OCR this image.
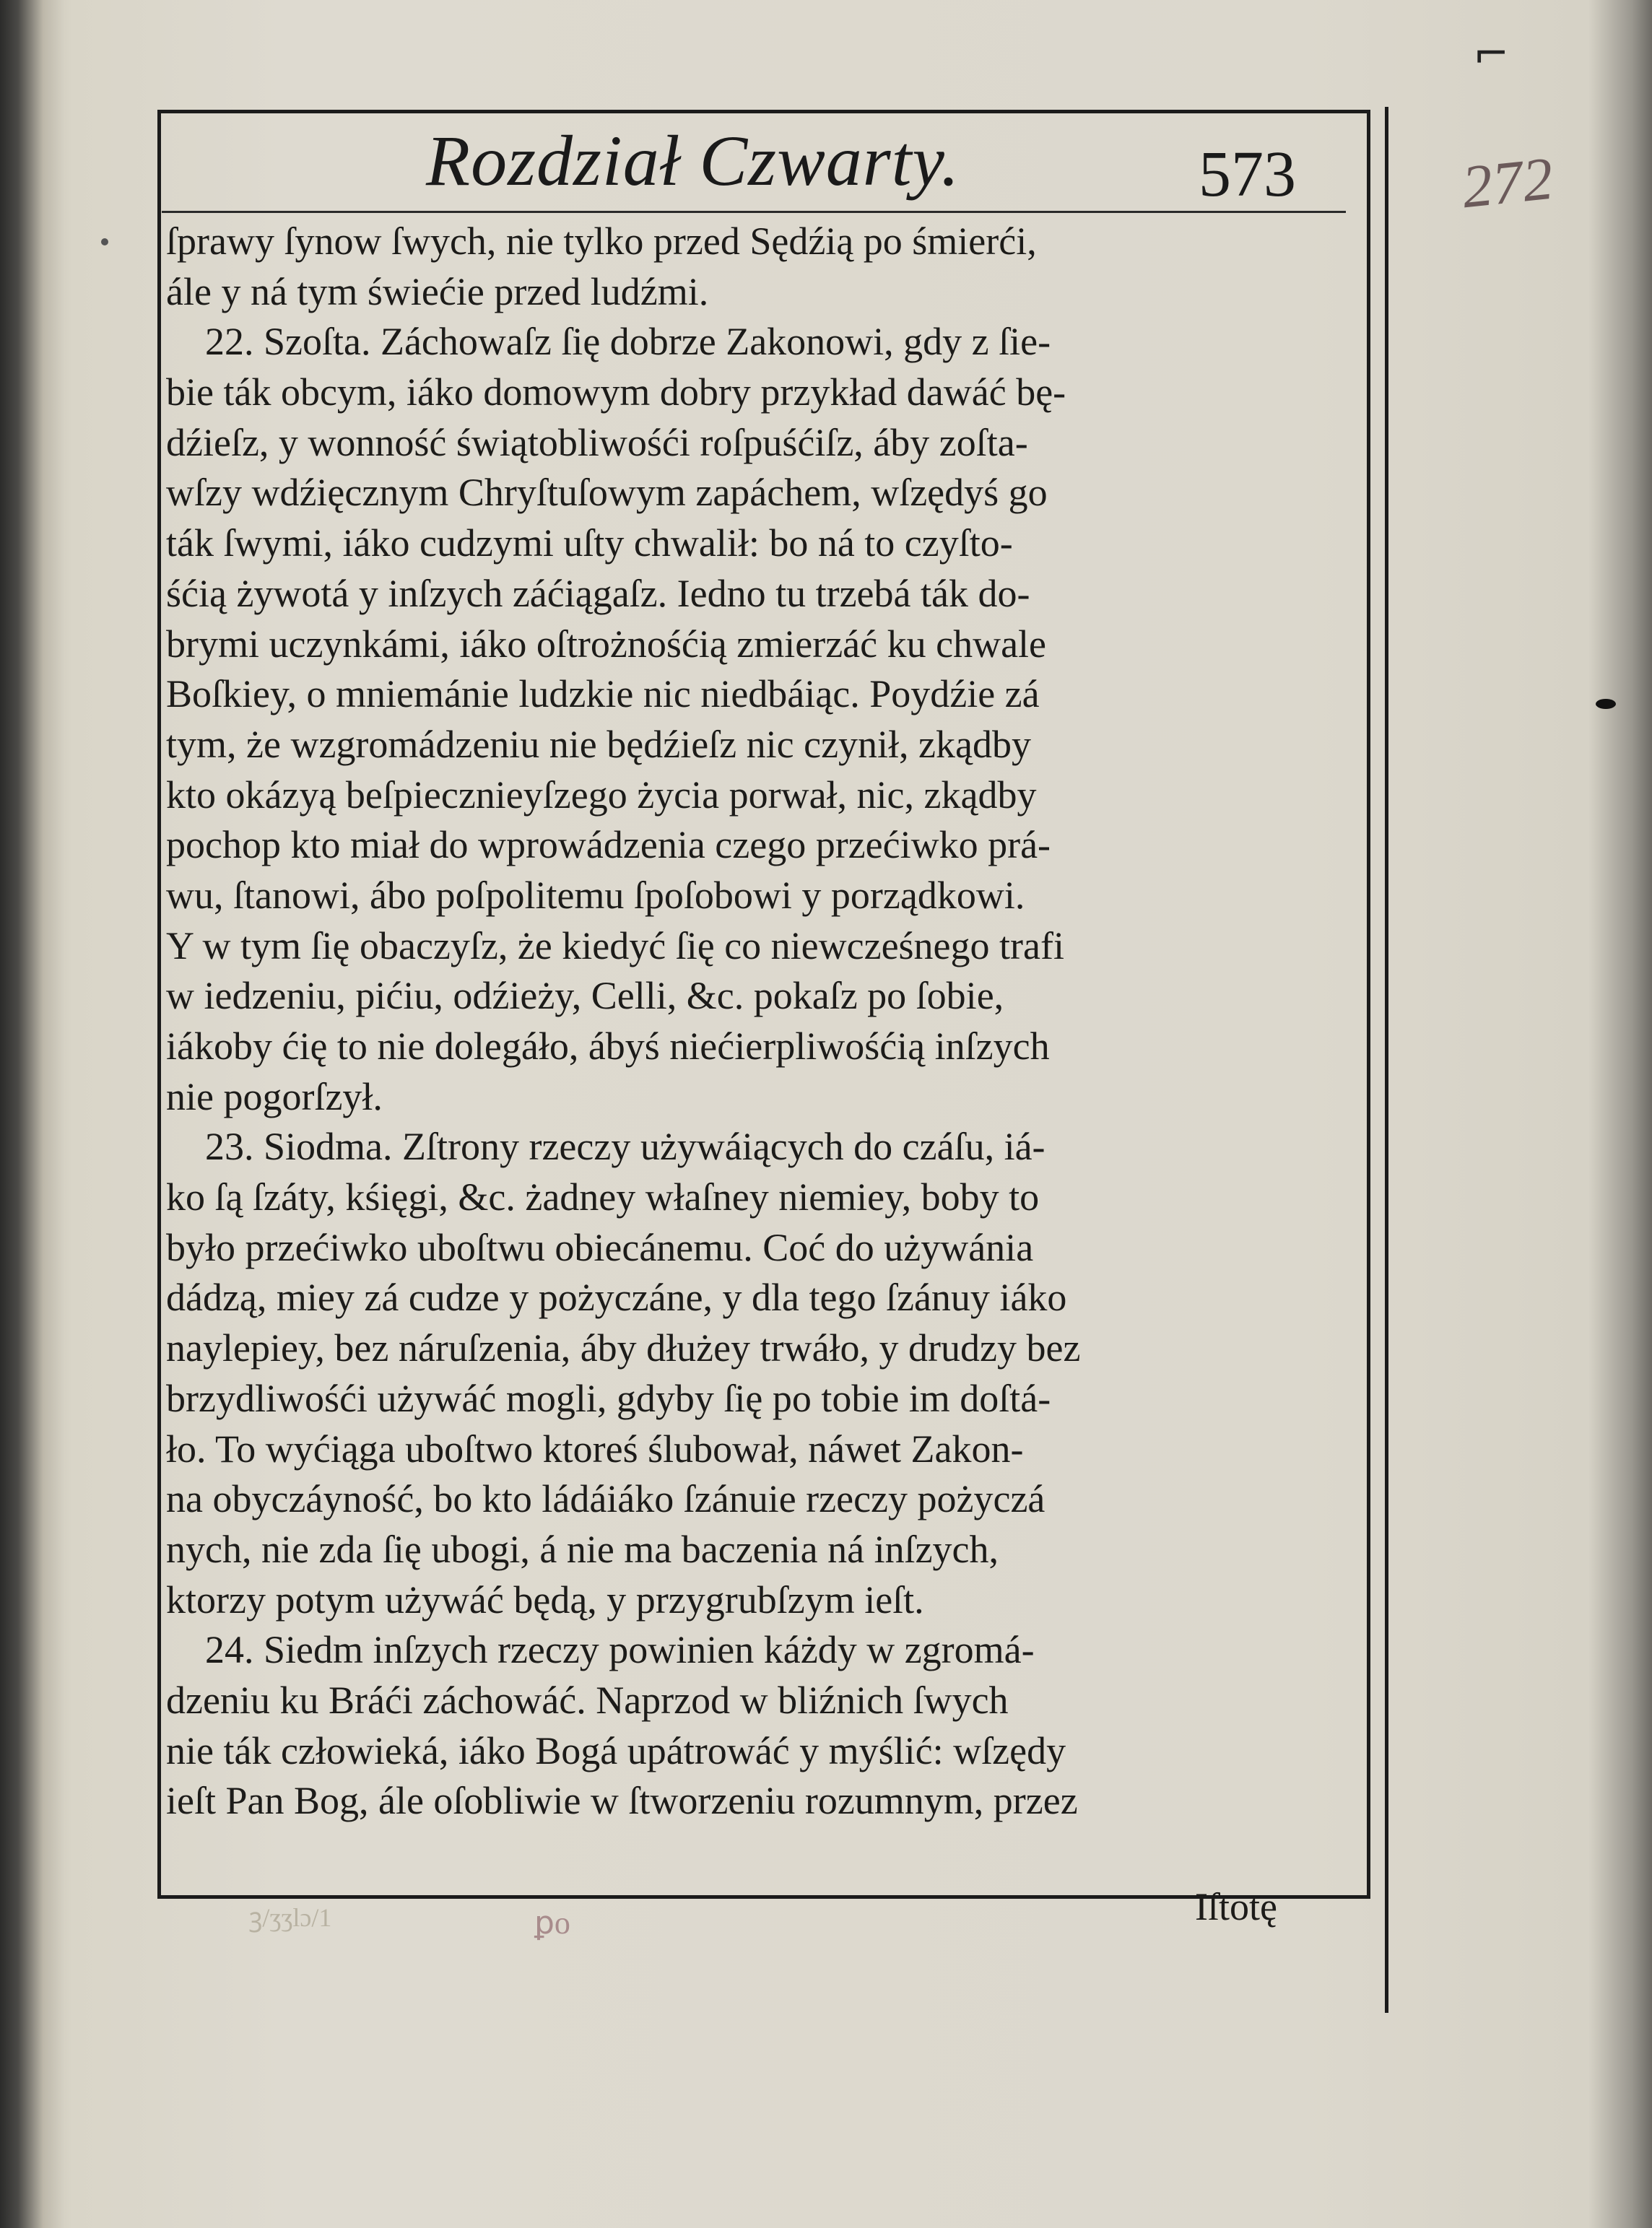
⌐
272
Rozdział Czwarty.	573
ſprawy ſynow ſwych, nie tylko przed Sędźią po śmierći,
ále y ná tym świećie przed ludźmi.
22. Szoſta. Záchowaſz ſię dobrze Zakonowi, gdy z ſie-
bie ták obcym, iáko domowym dobry przykład dawáć bę-
dźieſz, y wonność świątobliwośći roſpuśćiſz, áby zoſta-
wſzy wdźięcznym Chryſtuſowym zapáchem, wſzędyś go
ták ſwymi, iáko cudzymi uſty chwalił: bo ná to czyſto-
śćią żywotá y inſzych záćiągaſz. Iedno tu trzebá ták do-
brymi uczynkámi, iáko oſtrożnośćią zmierzáć ku chwale
Boſkiey, o mniemánie ludzkie nic niedbáiąc. Poydźie zá
tym, że wzgromádzeniu nie będźieſz nic czynił, zkądby
kto okázyą beſpiecznieyſzego życia porwał, nic, zkądby
pochop kto miał do wprowádzenia czego przećiwko prá-
wu, ſtanowi, ábo poſpolitemu ſpoſobowi y porządkowi.
Y w tym ſię obaczyſz, że kiedyć ſię co niewcześnego trafi
w iedzeniu, pićiu, odźieży, Celli, &c. pokaſz po ſobie,
iákoby ćię to nie dolegáło, ábyś niećierpliwośćią inſzych
nie pogorſzył.
23. Siodma. Zſtrony rzeczy używáiących do czáſu, iá-
ko ſą ſzáty, kśięgi, &c. żadney właſney niemiey, boby to
było przećiwko uboſtwu obiecánemu. Coć do używánia
dádzą, miey zá cudze y pożyczáne, y dla tego ſzánuy iáko
naylepiey, bez náruſzenia, áby dłużey trwáło, y drudzy bez
brzydliwośći używáć mogli, gdyby ſię po tobie im doſtá-
ło. To wyćiąga uboſtwo ktoreś ślubował, náwet Zakon-
na obyczáyność, bo kto ládáiáko ſzánuie rzeczy pożyczá
nych, nie zda ſię ubogi, á nie ma baczenia ná inſzych,
ktorzy potym używáć będą, y przygrubſzym ieſt.
24. Siedm inſzych rzeczy powinien káżdy w zgromá-
dzeniu ku Bráći záchowáć. Naprzod w bliźnich ſwych
nie ták człowieká, iáko Bogá upátrowáć y myślić: wſzędy
ieſt Pan Bog, ále oſobliwie w ſtworzeniu rozumnym, przez
ꝑo
ꝫ/ʒʒlɔ/1	Iſtotę
